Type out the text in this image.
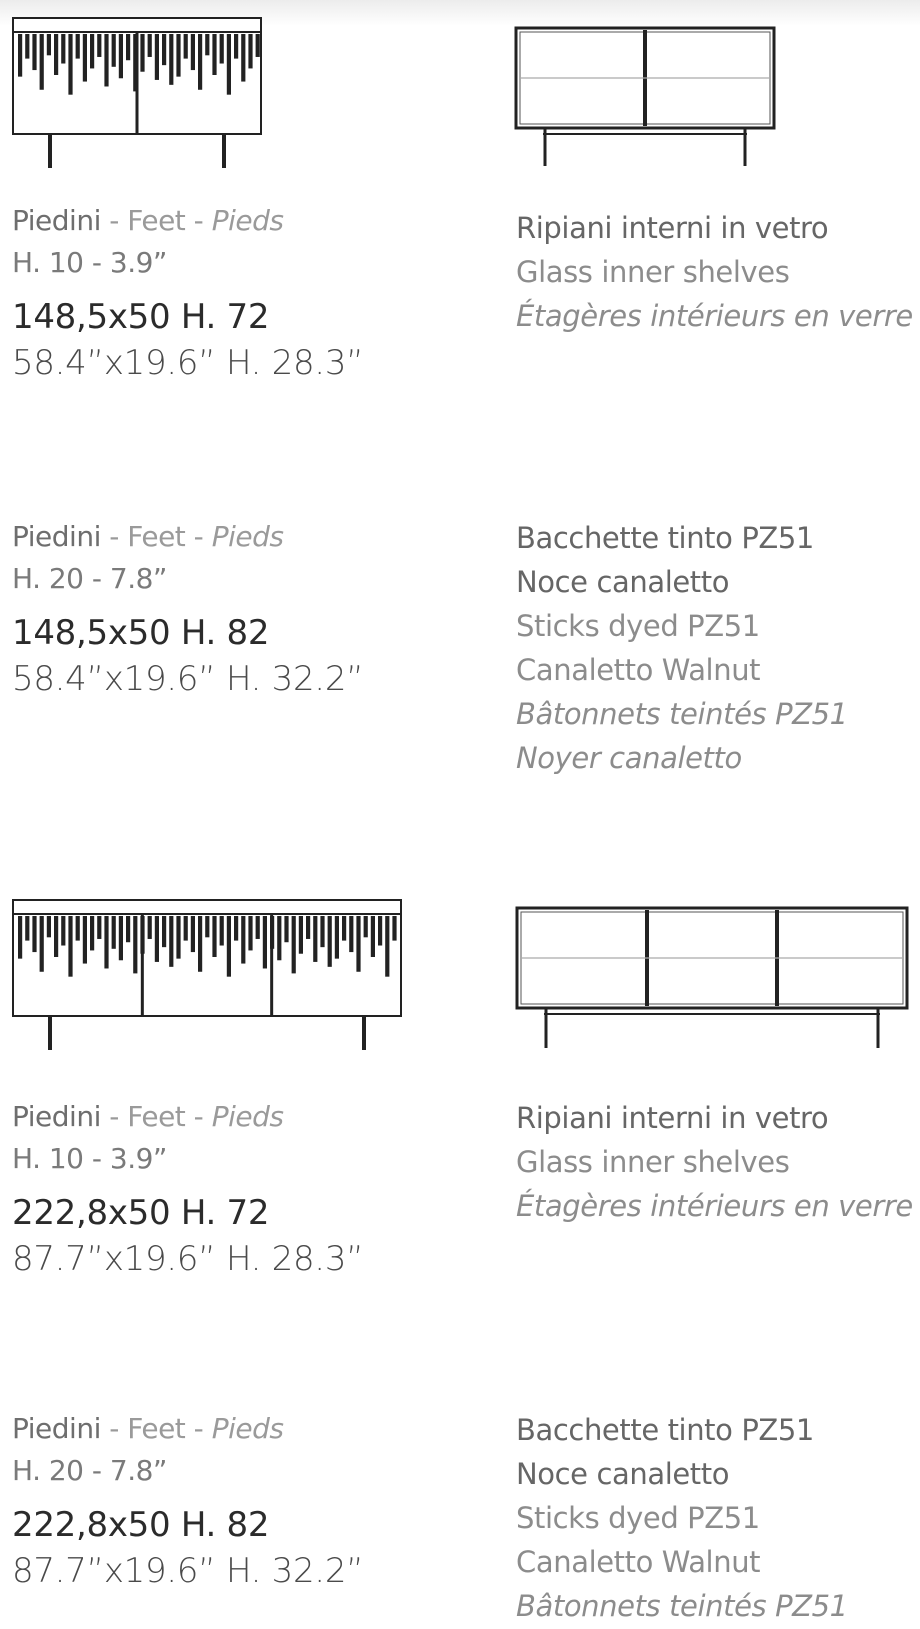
Piedini - Feet - Pieds
H. 10 - 3.9”
148,5x50 H. 72
58.4”x19.6” H. 28.3”
Ripiani interni in vetro
Glass inner shelves
Étagères intérieurs en verre
Piedini - Feet - Pieds
H. 20 - 7.8”
148,5x50 H. 82
58.4”x19.6” H. 32.2”
Bacchette tinto PZ51
Noce canaletto
Sticks dyed PZ51
Canaletto Walnut
Bâtonnets teintés PZ51
Noyer canaletto
Piedini - Feet - Pieds
H. 10 - 3.9”
222,8x50 H. 72
87.7”x19.6” H. 28.3”
Ripiani interni in vetro
Glass inner shelves
Étagères intérieurs en verre
Piedini - Feet - Pieds
H. 20 - 7.8”
222,8x50 H. 82
87.7”x19.6” H. 32.2”
Bacchette tinto PZ51
Noce canaletto
Sticks dyed PZ51
Canaletto Walnut
Bâtonnets teintés PZ51
